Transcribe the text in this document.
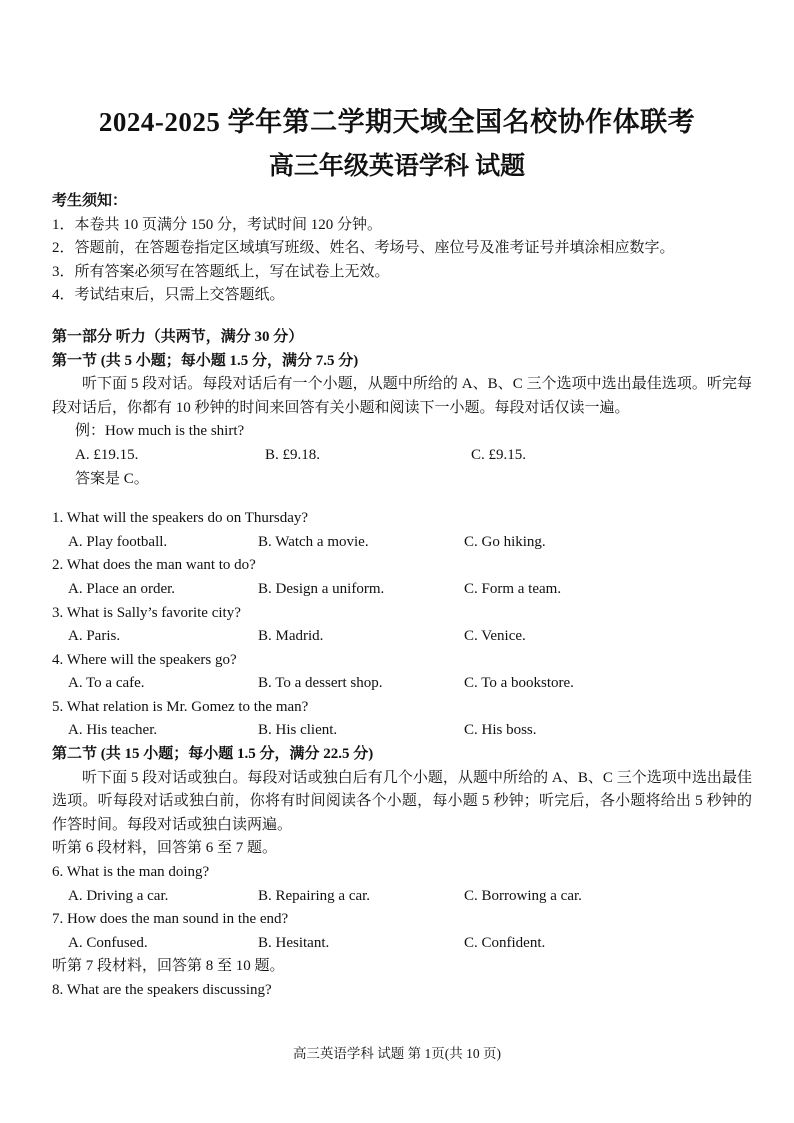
2024-2025 学年第二学期天域全国名校协作体联考
高三年级英语学科 试题
考生须知：
1．本卷共 10 页满分 150 分，考试时间 120 分钟。
2．答题前，在答题卷指定区域填写班级、姓名、考场号、座位号及准考证号并填涂相应数字。
3．所有答案必须写在答题纸上，写在试卷上无效。
4．考试结束后，只需上交答题纸。
第一部分 听力（共两节，满分 30 分）
第一节 (共 5 小题；每小题 1.5 分，满分 7.5 分)
听下面 5 段对话。每段对话后有一个小题，从题中所给的 A、B、C 三个选项中选出最佳选项。听完每段对话后，你都有 10 秒钟的时间来回答有关小题和阅读下一小题。每段对话仅读一遍。
例：How much is the shirt?
A. £19.15.	B. £9.18.	C. £9.15.
答案是 C。
1. What will the speakers do on Thursday?
A. Play football.	B. Watch a movie.	C. Go hiking.
2. What does the man want to do?
A. Place an order.	B. Design a uniform.	C. Form a team.
3. What is Sally’s favorite city?
A. Paris.	B. Madrid.	C. Venice.
4. Where will the speakers go?
A. To a cafe.	B. To a dessert shop.	C. To a bookstore.
5. What relation is Mr. Gomez to the man?
A. His teacher.	B. His client.	C. His boss.
第二节 (共 15 小题；每小题 1.5 分，满分 22.5 分)
听下面 5 段对话或独白。每段对话或独白后有几个小题，从题中所给的 A、B、C 三个选项中选出最佳选项。听每段对话或独白前，你将有时间阅读各个小题，每小题 5 秒钟；听完后，各小题将给出 5 秒钟的作答时间。每段对话或独白读两遍。
听第 6 段材料，回答第 6 至 7 题。
6. What is the man doing?
A. Driving a car.	B. Repairing a car.	C. Borrowing a car.
7. How does the man sound in the end?
A. Confused.	B. Hesitant.	C. Confident.
听第 7 段材料，回答第 8 至 10 题。
8. What are the speakers discussing?
高三英语学科 试题 第 1页(共 10 页)
